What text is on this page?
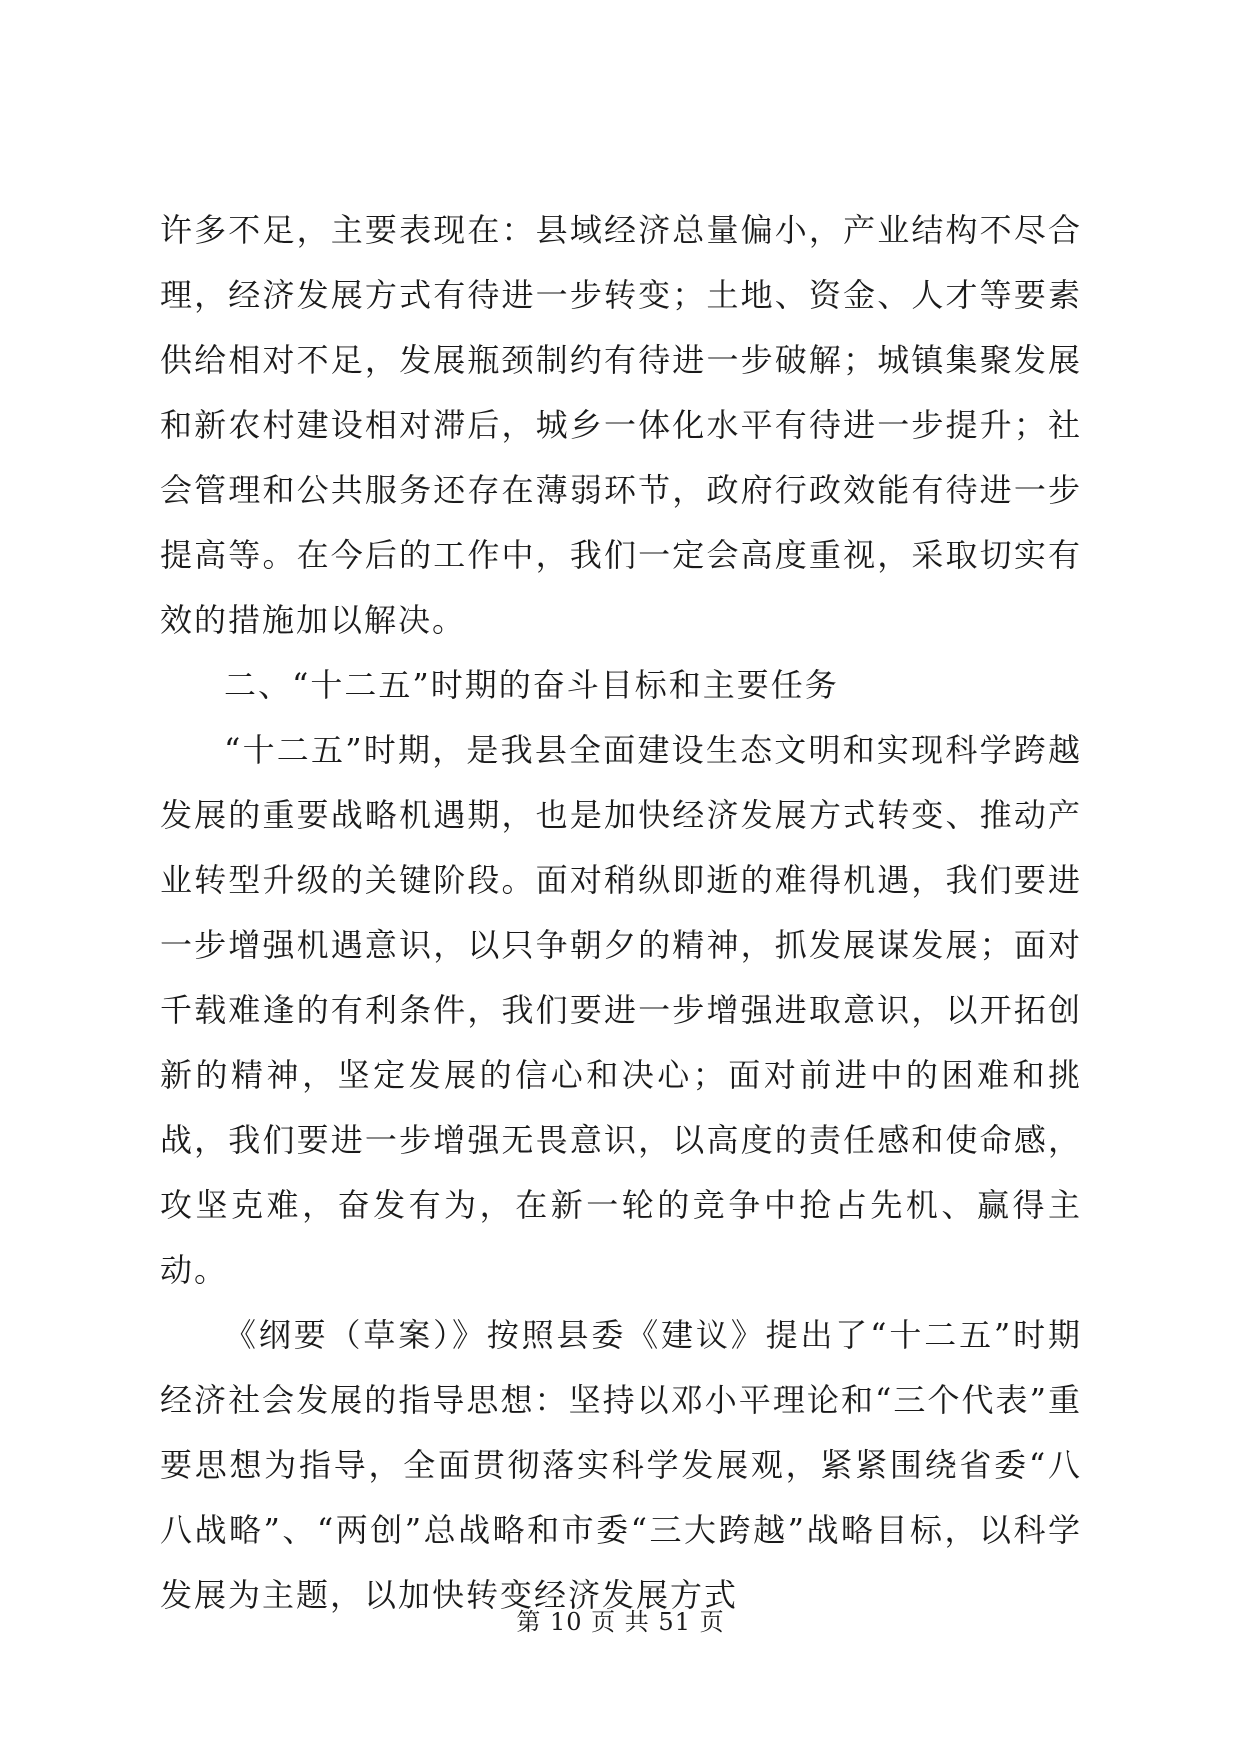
许多不足，主要表现在：县域经济总量偏小，产业结构不尽合理，经济发展方式有待进一步转变；土地、资金、人才等要素供给相对不足，发展瓶颈制约有待进一步破解；城镇集聚发展和新农村建设相对滞后，城乡一体化水平有待进一步提升；社会管理和公共服务还存在薄弱环节，政府行政效能有待进一步提高等。在今后的工作中，我们一定会高度重视，采取切实有效的措施加以解决。

二、“十二五”时期的奋斗目标和主要任务

“十二五”时期，是我县全面建设生态文明和实现科学跨越发展的重要战略机遇期，也是加快经济发展方式转变、推动产业转型升级的关键阶段。面对稍纵即逝的难得机遇，我们要进一步增强机遇意识，以只争朝夕的精神，抓发展谋发展；面对千载难逢的有利条件，我们要进一步增强进取意识，以开拓创新的精神，坚定发展的信心和决心；面对前进中的困难和挑战，我们要进一步增强无畏意识，以高度的责任感和使命感，攻坚克难，奋发有为，在新一轮的竞争中抢占先机、赢得主动。

《纲要（草案）》按照县委《建议》提出了“十二五”时期经济社会发展的指导思想：坚持以邓小平理论和“三个代表”重要思想为指导，全面贯彻落实科学发展观，紧紧围绕省委“八八战略”、“两创”总战略和市委“三大跨越”战略目标，以科学发展为主题，以加快转变经济发展方式

第 10 页 共 51 页
